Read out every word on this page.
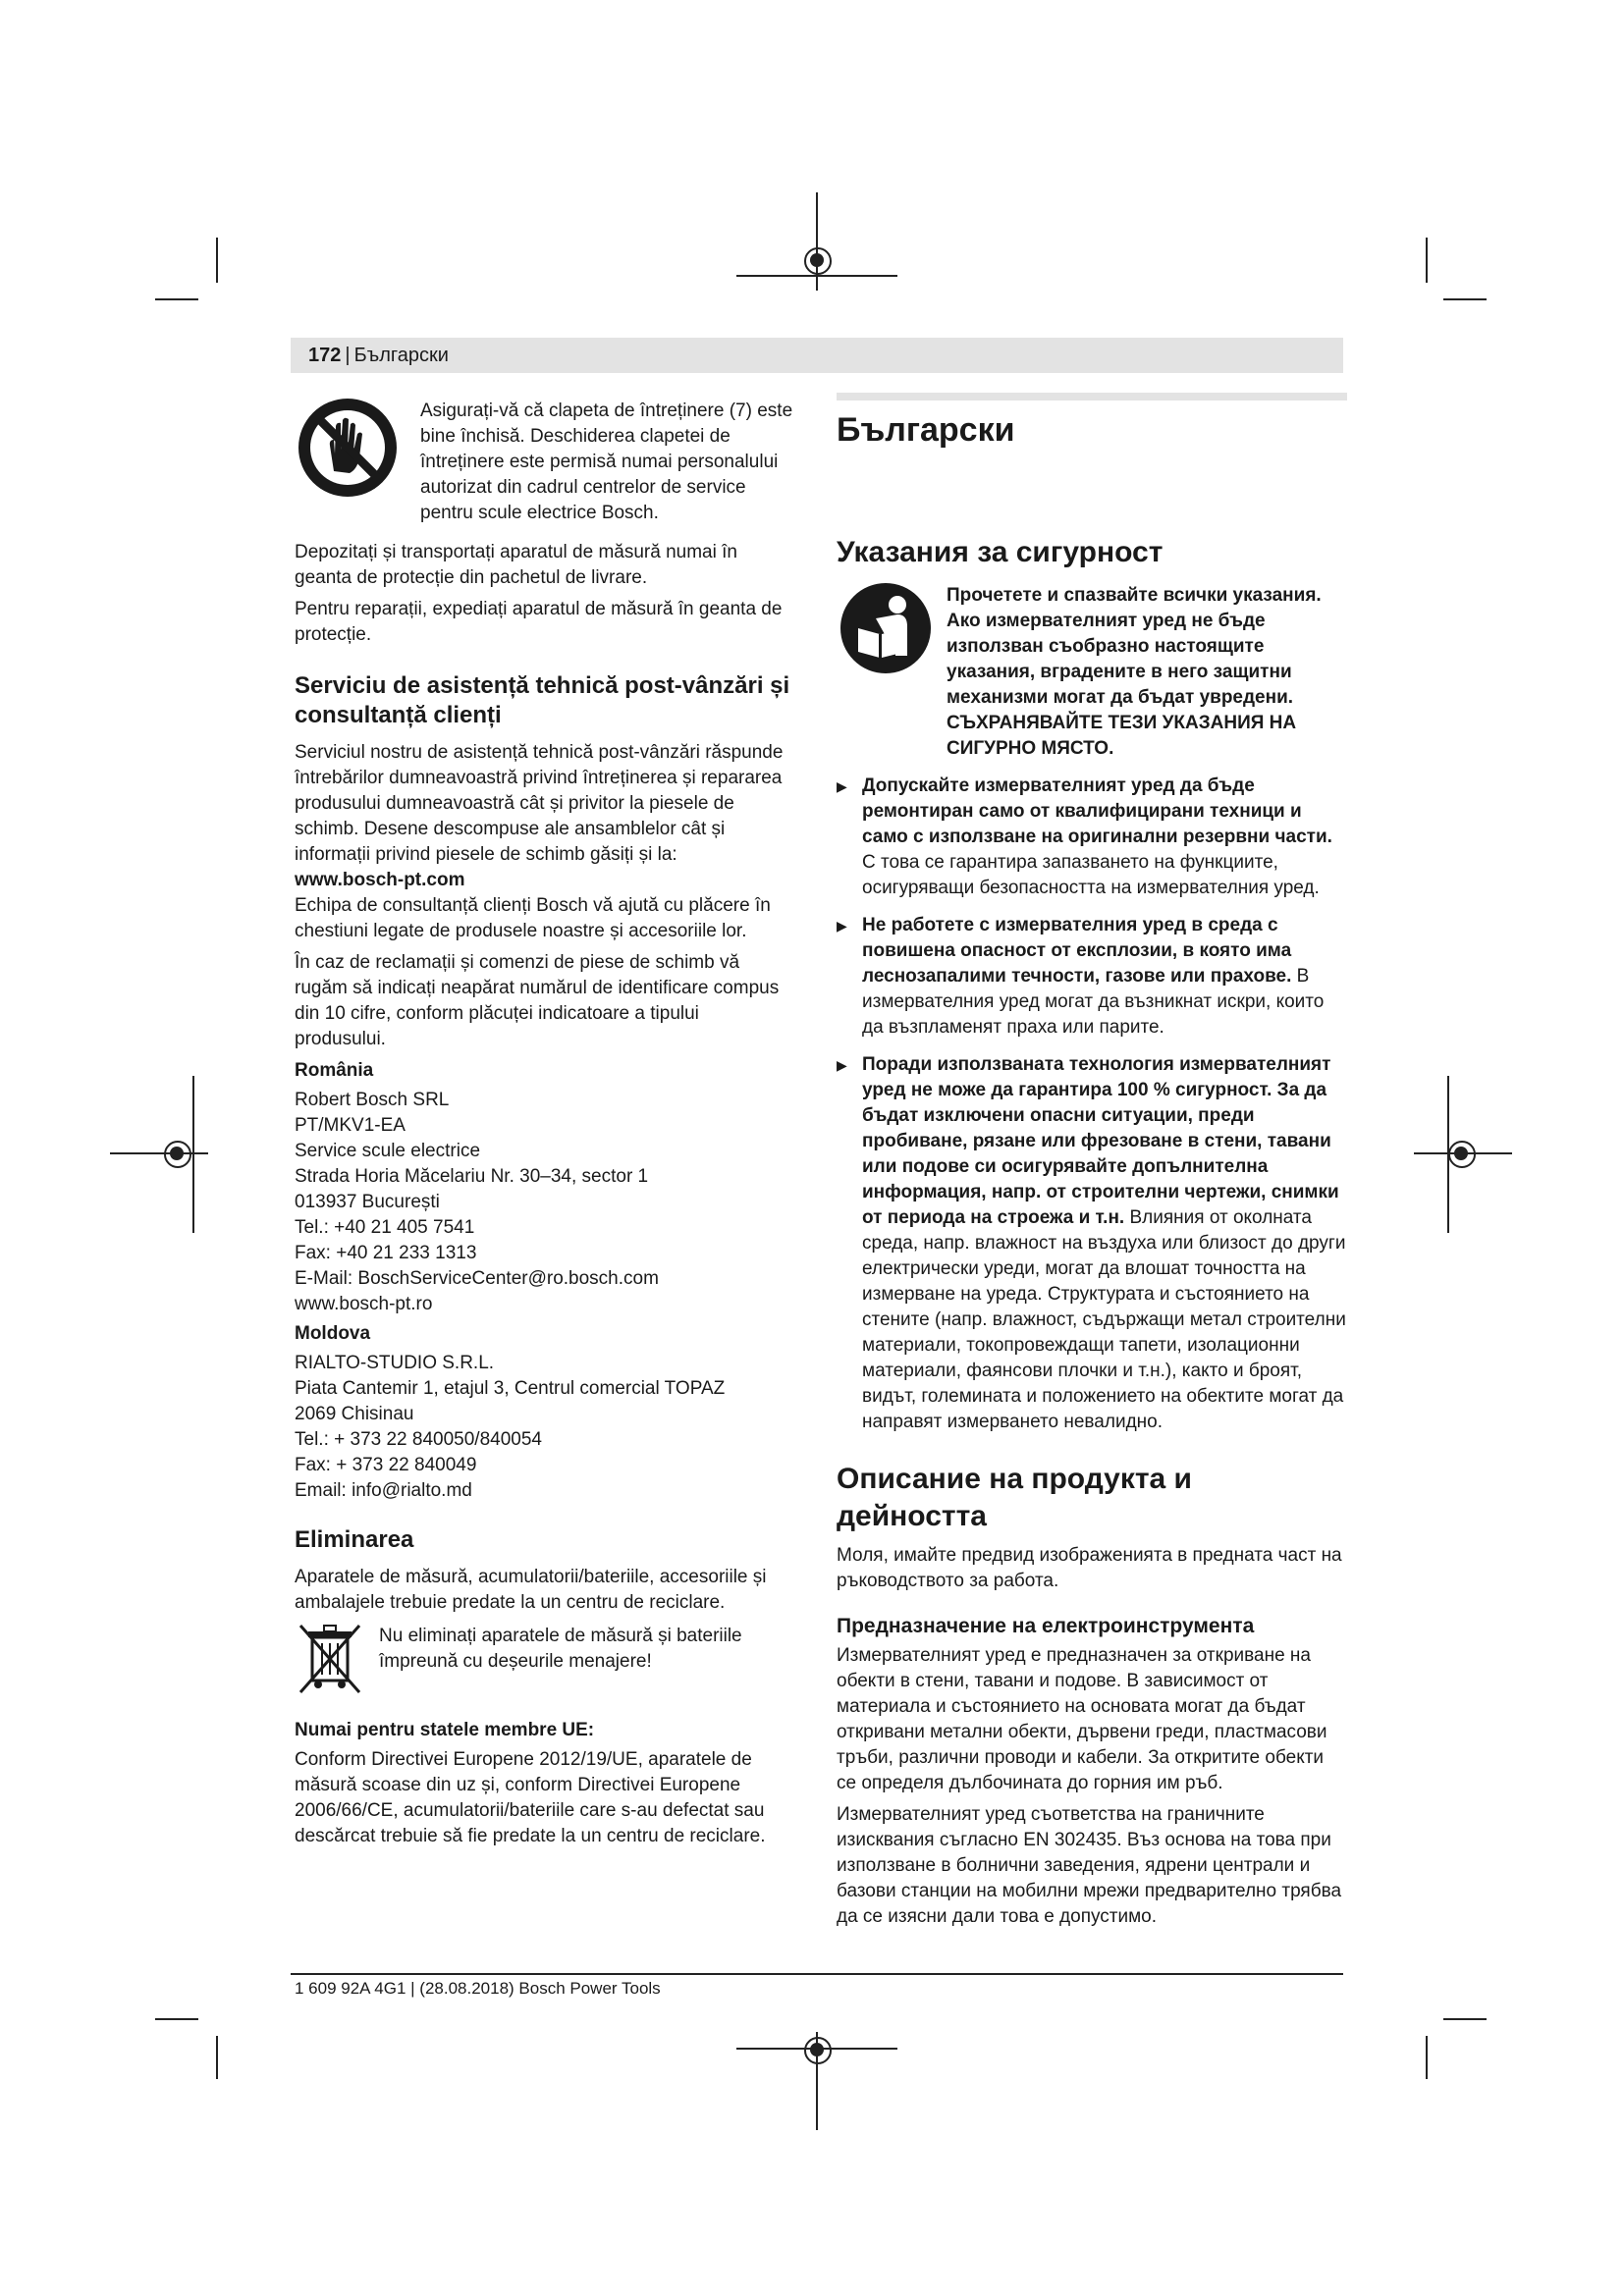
172 | Български

Asigurați-vă că clapeta de întreținere (7) este bine închisă. Deschiderea clapetei de întreținere este permisă numai personalului autorizat din cadrul centrelor de service pentru scule electrice Bosch.

Depozitați și transportați aparatul de măsură numai în geanta de protecție din pachetul de livrare.

Pentru reparații, expediați aparatul de măsură în geanta de protecție.

Serviciu de asistență tehnică post-vânzări și consultanță clienți

Serviciul nostru de asistență tehnică post-vânzări răspunde întrebărilor dumneavoastră privind întreținerea și repararea produsului dumneavoastră cât și privitor la piesele de schimb. Desene descompuse ale ansamblelor cât și informații privind piesele de schimb găsiți și la:

www.bosch-pt.com

Echipa de consultanță clienți Bosch vă ajută cu plăcere în chestiuni legate de produsele noastre și accesoriile lor.

În caz de reclamații și comenzi de piese de schimb vă rugăm să indicați neapărat numărul de identificare compus din 10 cifre, conform plăcuței indicatoare a tipului produsului.

România
Robert Bosch SRL
PT/MKV1-EA
Service scule electrice
Strada Horia Măcelariu Nr. 30–34, sector 1
013937 București
Tel.: +40 21 405 7541
Fax: +40 21 233 1313
E-Mail: BoschServiceCenter@ro.bosch.com
www.bosch-pt.ro
Moldova
RIALTO-STUDIO S.R.L.
Piata Cantemir 1, etajul 3, Centrul comercial TOPAZ
2069 Chisinau
Tel.: + 373 22 840050/840054
Fax: + 373 22 840049
Email: info@rialto.md
Eliminarea

Aparatele de măsură, acumulatorii/bateriile, accesoriile și ambalajele trebuie predate la un centru de reciclare.

Nu eliminați aparatele de măsură și bateriile împreună cu deșeurile menajere!

Numai pentru statele membre UE:

Conform Directivei Europene 2012/19/UE, aparatele de măsură scoase din uz și, conform Directivei Europene 2006/66/CE, acumulatorii/bateriile care s-au defectat sau descărcat trebuie să fie predate la un centru de reciclare.

Български
Указания за сигурност

Прочетете и спазвайте всички указания. Ако измервателният уред не бъде използван съобразно настоящите указания, вградените в него защитни механизми могат да бъдат увредени. СЪХРАНЯВАЙТЕ ТЕЗИ УКАЗАНИЯ НА СИГУРНО МЯСТО.

▶ Допускайте измервателният уред да бъде ремонтиран само от квалифицирани техници и само с използване на оригинални резервни части. С това се гарантира запазването на функциите, осигуряващи безопасността на измервателния уред.

▶ Не работете с измервателния уред в среда с повишена опасност от експлозии, в която има леснозапалими течности, газове или прахове. В измервателния уред могат да възникнат искри, които да възпламенят праха или парите.

▶ Поради използваната технология измервателният уред не може да гарантира 100 % сигурност. За да бъдат изключени опасни ситуации, преди пробиване, рязане или фрезоване в стени, тавани или подове си осигурявайте допълнителна информация, напр. от строителни чертежи, снимки от периода на строежа и т.н. Влияния от околната среда, напр. влажност на въздуха или близост до други електрически уреди, могат да влошат точността на измерване на уреда. Структурата и състоянието на стените (напр. влажност, съдържащи метал строителни материали, токопровеждащи тапети, изолационни материали, фаянсови плочки и т.н.), както и броят, видът, големината и положението на обектите могат да направят измерването невалидно.

Описание на продукта и дейността

Моля, имайте предвид изображенията в предната част на ръководството за работа.

Предназначение на електроинструмента

Измервателният уред е предназначен за откриване на обекти в стени, тавани и подове. В зависимост от материала и състоянието на основата могат да бъдат откривани метални обекти, дървени греди, пластмасови тръби, различни проводи и кабели. За откритите обекти се определя дълбочината до горния им ръб.

Измервателният уред съответства на граничните изисквания съгласно EN 302435. Въз основа на това при използване в болнични заведения, ядрени централи и базови станции на мобилни мрежи предварително трябва да се изясни дали това е допустимо.

1 609 92A 4G1 | (28.08.2018) Bosch Power Tools
